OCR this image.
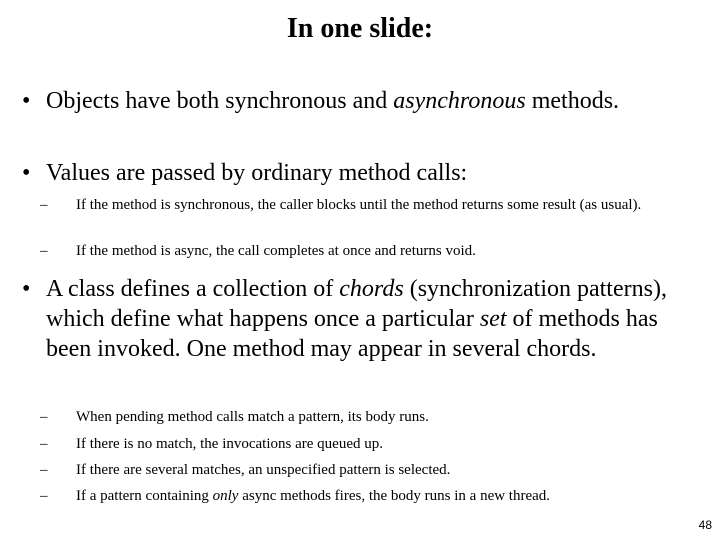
In one slide:
• Objects have both synchronous and asynchronous methods.
• Values are passed by ordinary method calls:
– If the method is synchronous, the caller blocks until the method returns some result (as usual).
– If the method is async, the call completes at once and returns void.
• A class defines a collection of chords (synchronization patterns), which define what happens once a particular set of methods has been invoked. One method may appear in several chords.
– When pending method calls match a pattern, its body runs.
– If there is no match, the invocations are queued up.
– If there are several matches, an unspecified pattern is selected.
– If a pattern containing only async methods fires, the body runs in a new thread.
48
